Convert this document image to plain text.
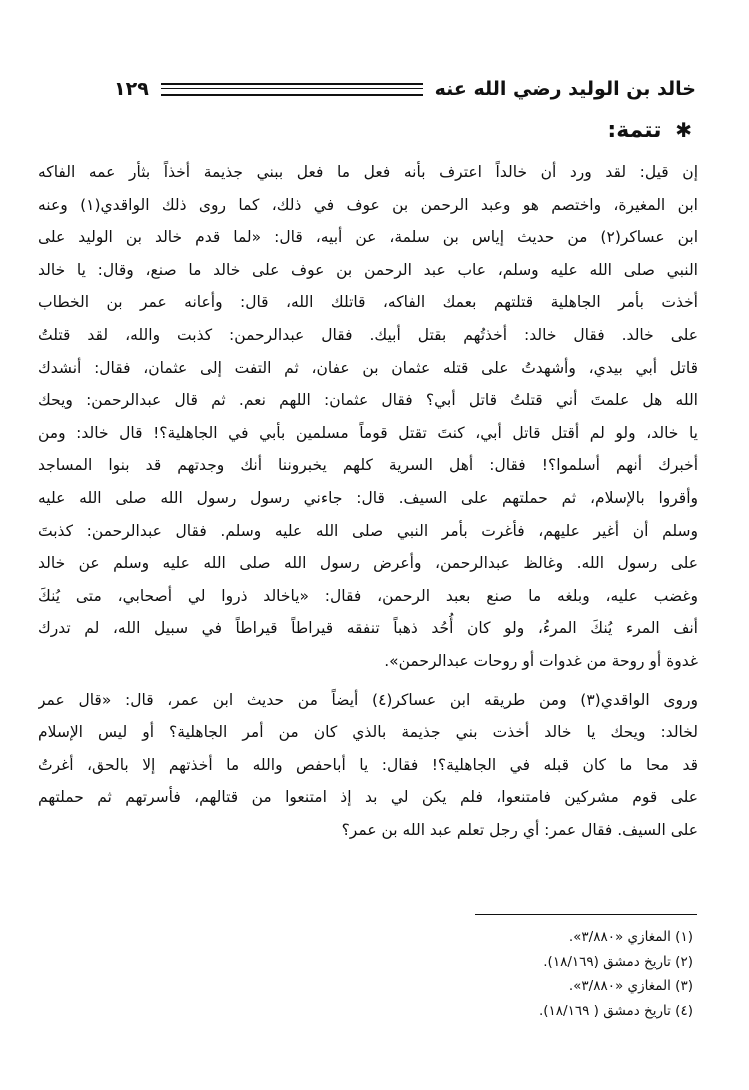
خالد بن الوليد رضي الله عنه
١٢٩
✱ تتمة:
إن قيل: لقد ورد أن خالداً اعترف بأنه فعل ما فعل ببني جذيمة أخذاً بثأر عمه الفاكه
ابن المغيرة، واختصم هو وعبد الرحمن بن عوف في ذلك، كما روى ذلك الواقدي(١) وعنه
ابن عساكر(٢) من حديث إياس بن سلمة، عن أبيه، قال: «لما قدم خالد بن الوليد على
النبي صلى الله عليه وسلم، عاب عبد الرحمن بن عوف على خالد ما صنع، وقال: يا خالد
أخذت بأمر الجاهلية قتلتهم بعمك الفاكه، قاتلك الله، قال: وأعانه عمر بن الخطاب
على خالد. فقال خالد: أخذتُهم بقتل أبيك. فقال عبدالرحمن: كذبت والله، لقد قتلتُ
قاتل أبي بيدي، وأشهدتُ على قتله عثمان بن عفان، ثم التفت إلى عثمان، فقال: أنشدك
الله هل علمتَ أني قتلتُ قاتل أبي؟ فقال عثمان: اللهم نعم. ثم قال عبدالرحمن: ويحك
يا خالد، ولو لم أقتل قاتل أبي، كنتَ تقتل قوماً مسلمين بأبي في الجاهلية؟! قال خالد: ومن
أخبرك أنهم أسلموا؟! فقال: أهل السرية كلهم يخبروننا أنك وجدتهم قد بنوا المساجد
وأقروا بالإسلام، ثم حملتهم على السيف. قال: جاءني رسول رسول الله صلى الله عليه
وسلم أن أغير عليهم، فأغرت بأمر النبي صلى الله عليه وسلم. فقال عبدالرحمن: كذبتَ
على رسول الله. وغالظ عبدالرحمن، وأعرض رسول الله صلى الله عليه وسلم عن خالد
وغضب عليه، وبلغه ما صنع بعبد الرحمن، فقال: «ياخالد ذروا لي أصحابي، متى يُنكَ
أنف المرء يُنكَ المرءُ، ولو كان أُحُد ذهباً تنفقه قيراطاً قيراطاً في سبيل الله، لم تدرك
غدوة أو روحة من غدوات أو روحات عبدالرحمن».
وروى الواقدي(٣) ومن طريقه ابن عساكر(٤) أيضاً من حديث ابن عمر، قال: «قال عمر
لخالد: ويحك يا خالد أخذت بني جذيمة بالذي كان من أمر الجاهلية؟ أو ليس الإسلام
قد محا ما كان قبله في الجاهلية؟! فقال: يا أباحفص والله ما أخذتهم إلا بالحق، أغرتُ
على قوم مشركين فامتنعوا، فلم يكن لي بد إذ امتنعوا من قتالهم، فأسرتهم ثم حملتهم
على السيف. فقال عمر: أي رجل تعلم عبد الله بن عمر؟
(١) المغازي «٣/٨٨٠».
(٢) تاريخ دمشق (١٨/١٦٩).
(٣) المغازي «٣/٨٨٠».
(٤) تاريخ دمشق ( ١٨/١٦٩).
